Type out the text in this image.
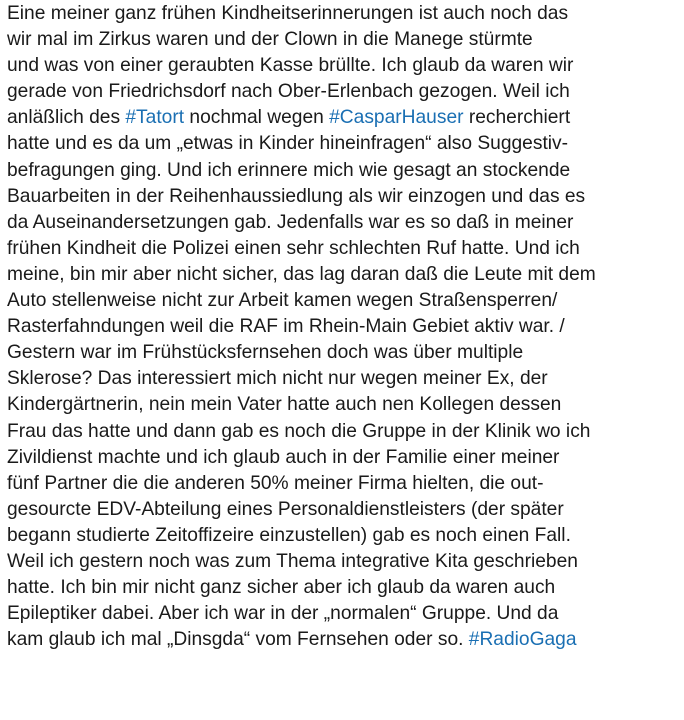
Eine meiner ganz frühen Kindheitserinnerungen ist auch noch das
wir mal im Zirkus waren und der Clown in die Manege stürmte
und was von einer geraubten Kasse brüllte. Ich glaub da waren wir
gerade von Friedrichsdorf nach Ober-Erlenbach gezogen. Weil ich
anläßlich des #Tatort nochmal wegen #CasparHauser recherchiert
hatte und es da um „etwas in Kinder hineinfragen“ also Suggestiv-
befragungen ging. Und ich erinnere mich wie gesagt an stockende
Bauarbeiten in der Reihenhaussiedlung als wir einzogen und das es
da Auseinandersetzungen gab. Jedenfalls war es so daß in meiner
frühen Kindheit die Polizei einen sehr schlechten Ruf hatte. Und ich
meine, bin mir aber nicht sicher, das lag daran daß die Leute mit dem
Auto stellenweise nicht zur Arbeit kamen wegen Straßensperren/
Rasterfahndungen weil die RAF im Rhein-Main Gebiet aktiv war. /
Gestern war im Frühstücksfernsehen doch was über multiple
Sklerose? Das interessiert mich nicht nur wegen meiner Ex, der
Kindergärtnerin, nein mein Vater hatte auch nen Kollegen dessen
Frau das hatte und dann gab es noch die Gruppe in der Klinik wo ich
Zivildienst machte und ich glaub auch in der Familie einer meiner
fünf Partner die die anderen 50% meiner Firma hielten, die out-
gesourcte EDV-Abteilung eines Personaldienstleisters (der später
begann studierte Zeitoffizeire einzustellen) gab es noch einen Fall.
Weil ich gestern noch was zum Thema integrative Kita geschrieben
hatte. Ich bin mir nicht ganz sicher aber ich glaub da waren auch
Epileptiker dabei. Aber ich war in der „normalen“ Gruppe. Und da
kam glaub ich mal „Dinsgda“ vom Fernsehen oder so. #RadioGaga
